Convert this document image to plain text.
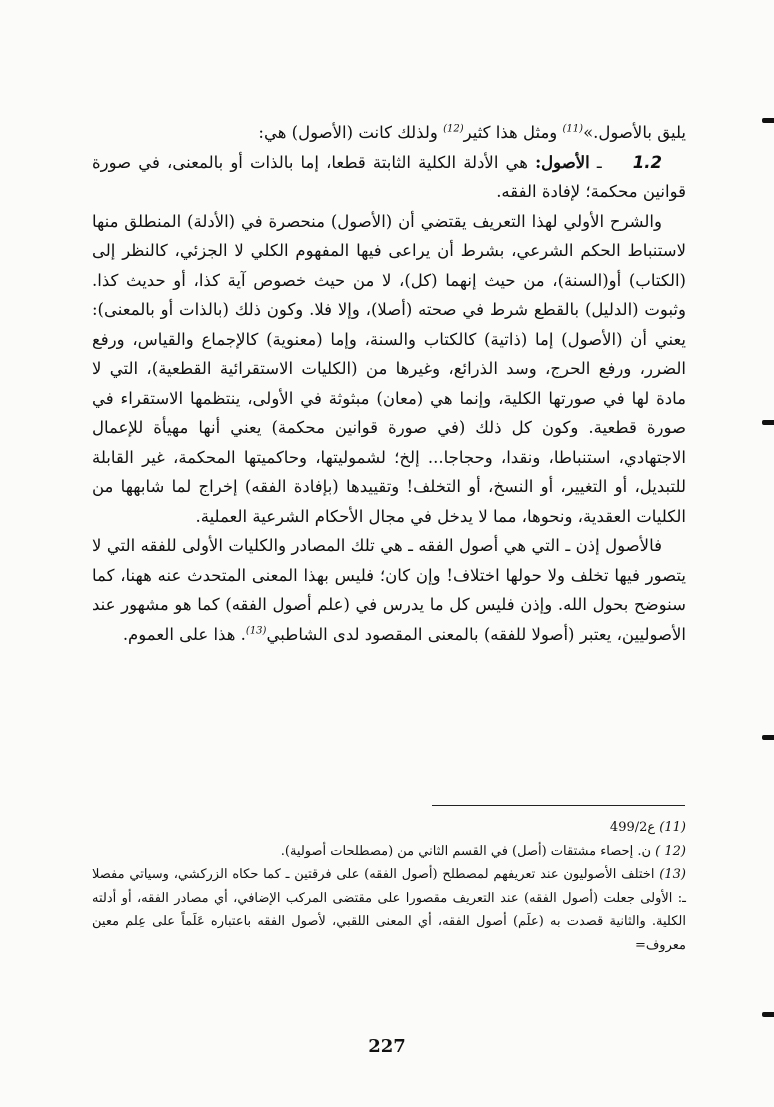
يليق بالأصول.»$^{(11)}$ ومثل هذا كثير$^{(12)}$ ولذلك كانت (الأصول) هي:

1.2 ـ الأصول: هي الأدلة الكلية الثابتة قطعا، إما بالذات أو بالمعنى، في صورة قوانين محكمة؛ لإفادة الفقه.

والشرح الأولي لهذا التعريف يقتضي أن (الأصول) منحصرة في (الأدلة) المنطلق منها لاستنباط الحكم الشرعي، بشرط أن يراعى فيها المفهوم الكلي لا الجزئي، كالنظر إلى (الكتاب) أو(السنة)، من حيث إنهما (كل)، لا من حيث خصوص آية كذا، أو حديث كذا. وثبوت (الدليل) بالقطع شرط في صحته (أصلا)، وإلا فلا. وكون ذلك (بالذات أو بالمعنى): يعني أن (الأصول) إما (ذاتية) كالكتاب والسنة، وإما (معنوية) كالإجماع والقياس، ورفع الضرر، ورفع الحرج، وسد الذرائع، وغيرها من (الكليات الاستقرائية القطعية)، التي لا مادة لها في صورتها الكلية، وإنما هي (معان) مبثوثة في الأولى، ينتظمها الاستقراء في صورة قطعية. وكون كل ذلك (في صورة قوانين محكمة) يعني أنها مهيأة للإعمال الاجتهادي، استنباطا، ونقدا، وحجاجا... إلخ؛ لشموليتها، وحاكميتها المحكمة، غير القابلة للتبديل، أو التغيير، أو النسخ، أو التخلف! وتقييدها (بإفادة الفقه) إخراج لما شابهها من الكليات العقدية، ونحوها، مما لا يدخل في مجال الأحكام الشرعية العملية.

فالأصول إذن ـ التي هي أصول الفقه ـ هي تلك المصادر والكليات الأولى للفقه التي لا يتصور فيها تخلف ولا حولها اختلاف! وإن كان؛ فليس بهذا المعنى المتحدث عنه ههنا، كما سنوضح بحول الله. وإذن فليس كل ما يدرس في (علم أصول الفقه) كما هو مشهور عند الأصوليين، يعتبر (أصولا للفقه) بالمعنى المقصود لدى الشاطبي$^{(13)}$. هذا على العموم.

(11) ع499/2

(12 ) ن. إحصاء مشتقات (أصل) في القسم الثاني من (مصطلحات أصولية).

(13) اختلف الأصوليون عند تعريفهم لمصطلح (أصول الفقه) على فرقتين ـ كما حكاه الزركشي، وسياتي مفصلا ـ: الأولى جعلت (أصول الفقه) عند التعريف مقصورا على مقتضى المركب الإضافي، أي مصادر الفقه، أو أدلته الكلية. والثانية قصدت به (علَم) أصول الفقه، أي المعنى اللقبي، لأصول الفقه باعتباره عَلَماً على عِلم معين معروف=

227
